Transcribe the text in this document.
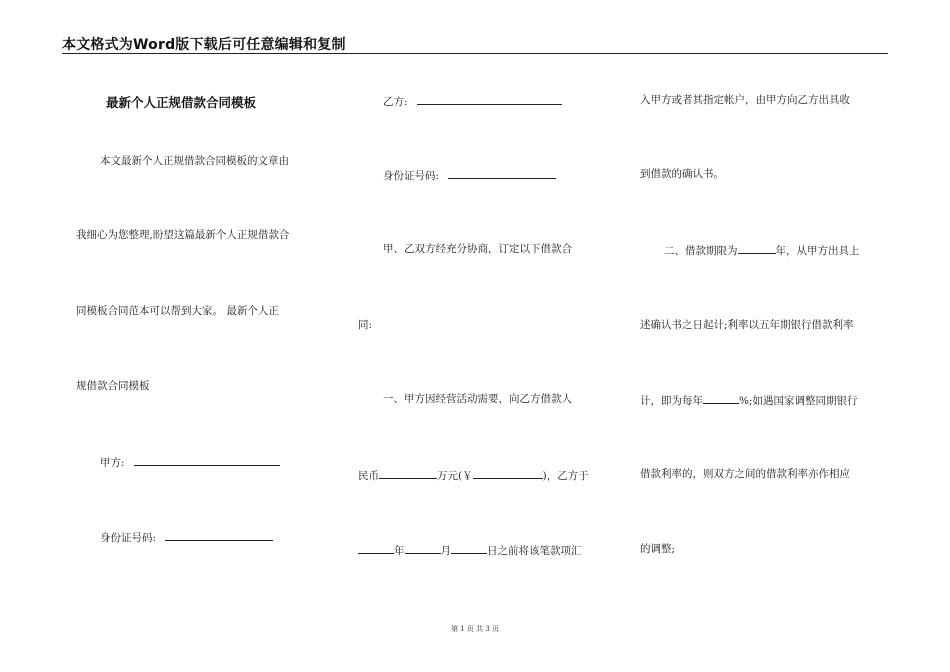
本文格式为Word版下载后可任意编辑和复制
最新个人正规借款合同模板
本文最新个人正规借款合同模板的文章由
我细心为您整理,盼望这篇最新个人正规借款合
同模板合同范本可以帮到大家。 最新个人正
规借款合同模板
甲方:
身份证号码:
乙方:
身份证号码:
甲、乙双方经充分协商，订定以下借款合
同:
一、甲方因经营活动需要，向乙方借款人
民币	万元(￥	)，乙方于
年	月	日之前将该笔款项汇
入甲方或者其指定帐户，由甲方向乙方出具收
到借款的确认书。
二、借款期限为	年，从甲方出具上
述确认书之日起计;利率以五年期银行借款利率
计，即为每年	%;如遇国家调整同期银行
借款利率的，则双方之间的借款利率亦作相应
的调整;
第 1 页 共 3 页
